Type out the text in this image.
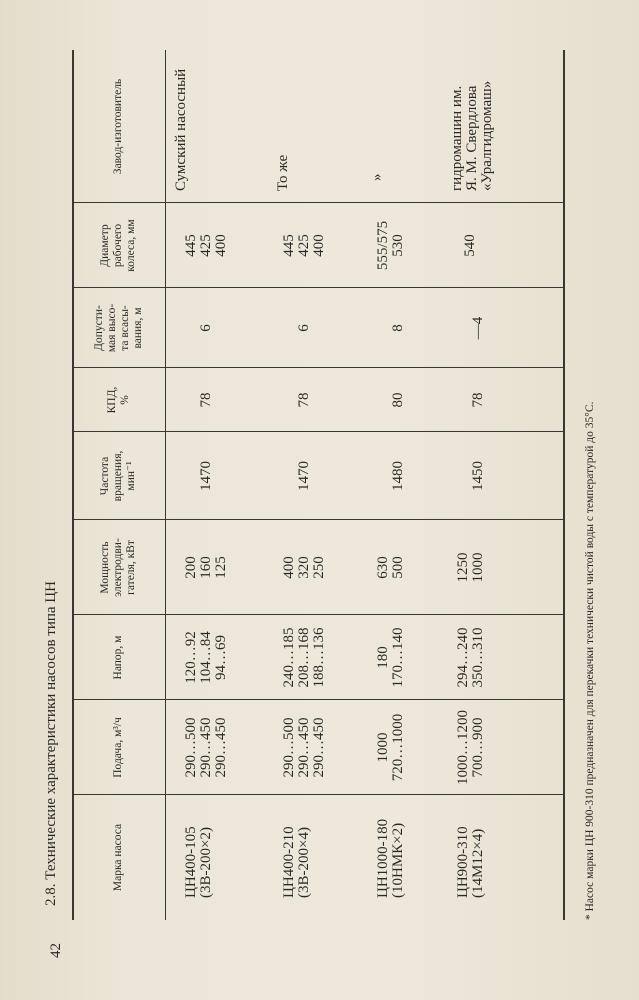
42
2.8. Технические характеристики насосов типа ЦН	Марка насоса
Подача, м³/ч
Напор, м
Мощность электродви- гателя, кВт
Частота вращения, мин⁻¹
КПД, %
Допусти- мая высо- та всасы- вания, м
Диаметр рабочего колеса, мм
Завод-изготовитель
ЦН400-105 (3В-200×2)
290…500 290…450 290…450
120…92 104…84 94…69
200 160 125
1470
78
6
445 425 400
Сумский насосный
ЦН400-210 (3В-200×4)
290…500 290…450 290…450
240…185 208…168 188…136
400 320 250
1470
78
6
445 425 400
То же
ЦН1000-180 (10НМК×2)
1000 720…1000
180 170…140
630 500
1480
80
8
555/575 530
»
ЦН900-310 (14М12×4)
1000…1200 700…900
294…240 350…310
1250 1000
1450
78
—4
540
гидромашин им. Я. М. Свердлова «Уралгидромаш»
* Насос марки ЦН 900-310 предназначен для перекачки технически чистой воды с температурой до 35°С.
